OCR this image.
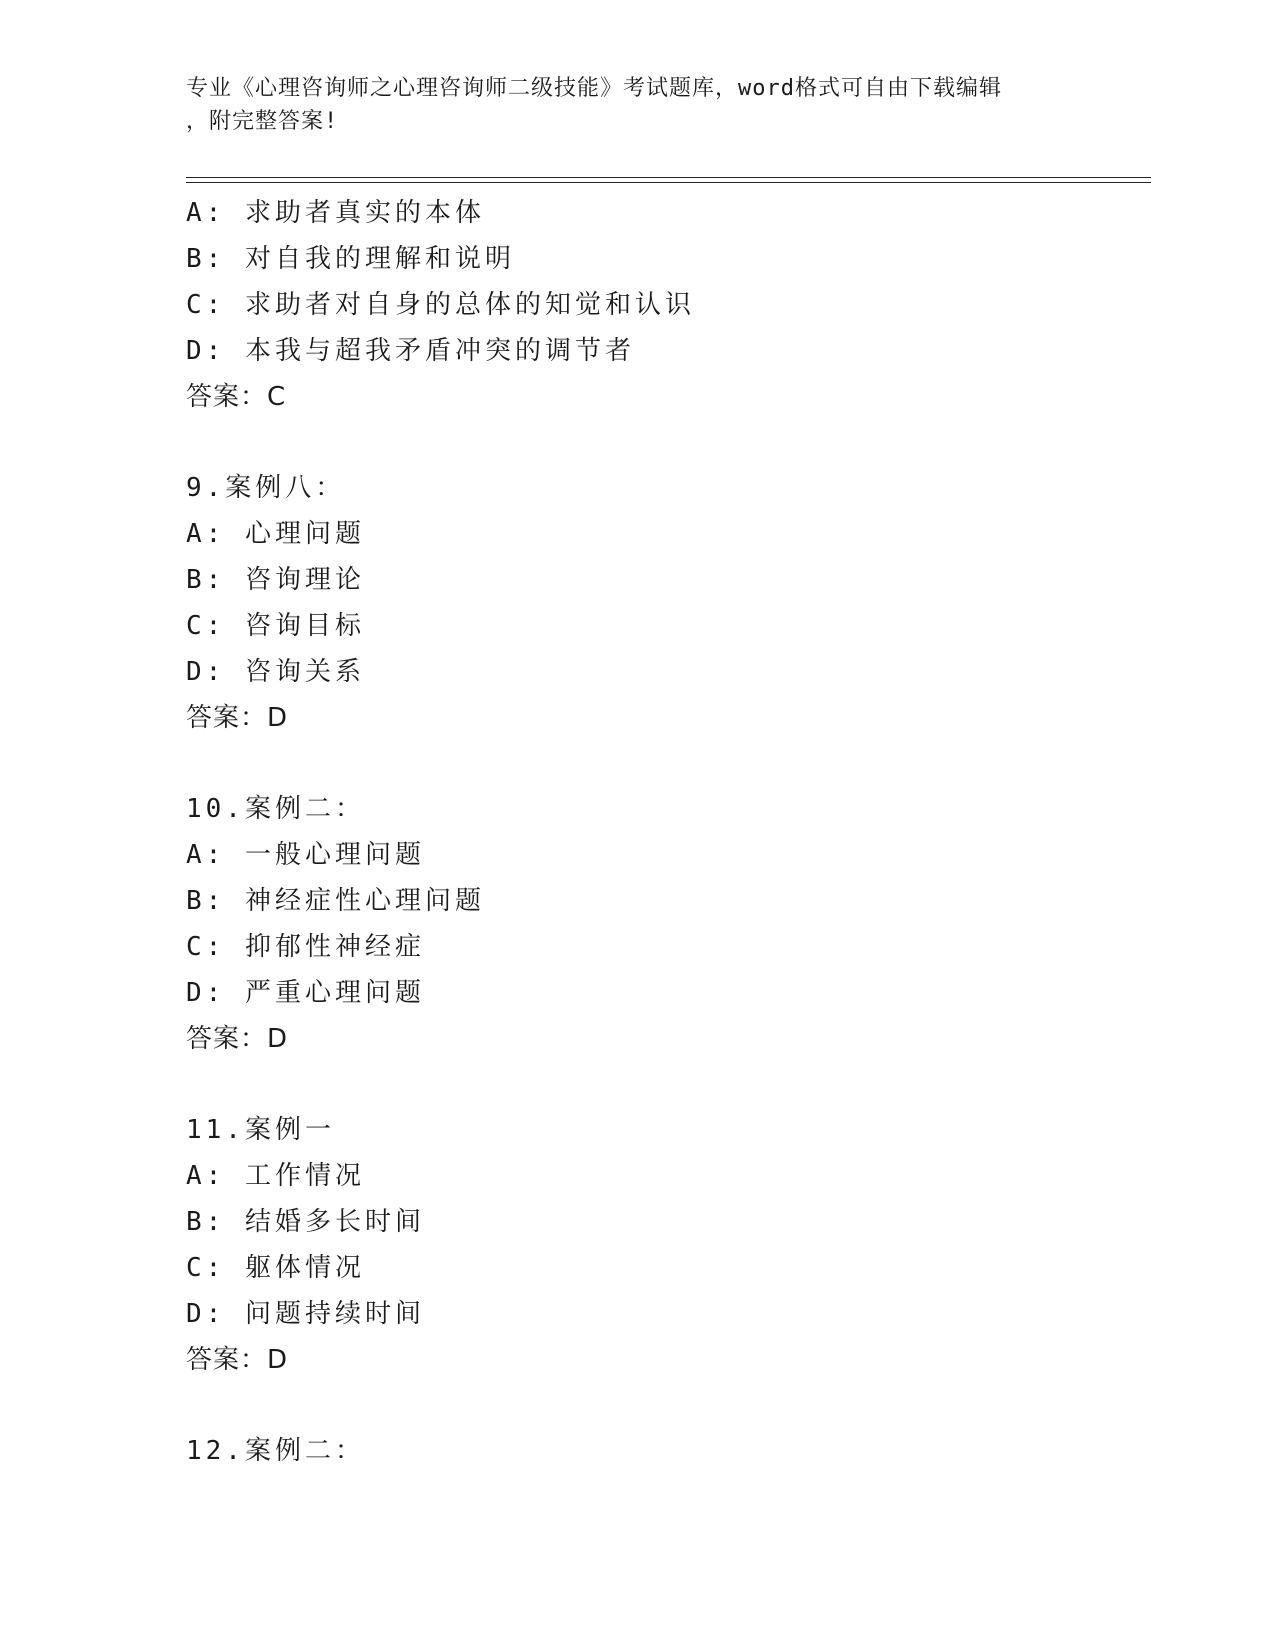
专业《心理咨询师之心理咨询师二级技能》考试题库，word格式可自由下载编辑
，附完整答案!
A: 求助者真实的本体
B: 对自我的理解和说明
C: 求助者对自身的总体的知觉和认识
D: 本我与超我矛盾冲突的调节者
答案：C
9.案例八：
A: 心理问题
B: 咨询理论
C: 咨询目标
D: 咨询关系
答案：D
10.案例二：
A: 一般心理问题
B: 神经症性心理问题
C: 抑郁性神经症
D: 严重心理问题
答案：D
11.案例一
A: 工作情况
B: 结婚多长时间
C: 躯体情况
D: 问题持续时间
答案：D
12.案例二：
